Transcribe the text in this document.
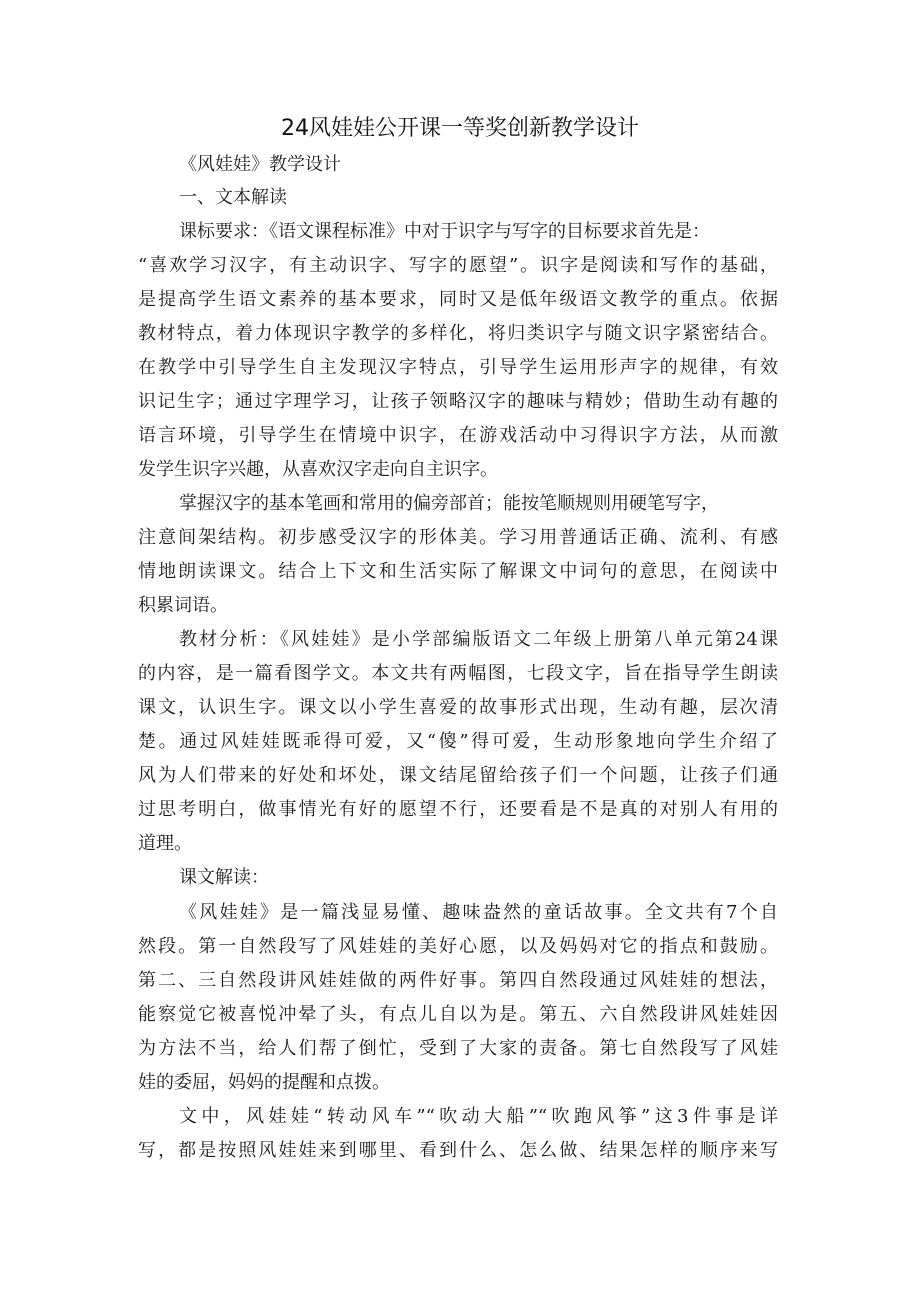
24风娃娃公开课一等奖创新教学设计

《风娃娃》教学设计

一、文本解读

课标要求：《语文课程标准》中对于识字与写字的目标要求首先是：

“喜欢学习汉字，有主动识字、写字的愿望”。识字是阅读和写作的基础，

是提高学生语文素养的基本要求，同时又是低年级语文教学的重点。依据

教材特点，着力体现识字教学的多样化，将归类识字与随文识字紧密结合。

在教学中引导学生自主发现汉字特点，引导学生运用形声字的规律，有效

识记生字；通过字理学习，让孩子领略汉字的趣味与精妙；借助生动有趣的

语言环境，引导学生在情境中识字，在游戏活动中习得识字方法，从而激

发学生识字兴趣，从喜欢汉字走向自主识字。

掌握汉字的基本笔画和常用的偏旁部首；能按笔顺规则用硬笔写字，

注意间架结构。初步感受汉字的形体美。学习用普通话正确、流利、有感

情地朗读课文。结合上下文和生活实际了解课文中词句的意思，在阅读中

积累词语。

教材分析：《风娃娃》是小学部编版语文二年级上册第八单元第24课

的内容，是一篇看图学文。本文共有两幅图，七段文字，旨在指导学生朗读

课文，认识生字。课文以小学生喜爱的故事形式出现，生动有趣，层次清

楚。通过风娃娃既乖得可爱，又“傻”得可爱，生动形象地向学生介绍了

风为人们带来的好处和坏处，课文结尾留给孩子们一个问题，让孩子们通

过思考明白，做事情光有好的愿望不行，还要看是不是真的对别人有用的

道理。

课文解读：

《风娃娃》是一篇浅显易懂、趣味盎然的童话故事。全文共有7个自

然段。第一自然段写了风娃娃的美好心愿，以及妈妈对它的指点和鼓励。

第二、三自然段讲风娃娃做的两件好事。第四自然段通过风娃娃的想法，

能察觉它被喜悦冲晕了头，有点儿自以为是。第五、六自然段讲风娃娃因

为方法不当，给人们帮了倒忙，受到了大家的责备。第七自然段写了风娃

娃的委屈，妈妈的提醒和点拨。

文中，风娃娃“转动风车”“吹动大船”“吹跑风筝”这3件事是详

写，都是按照风娃娃来到哪里、看到什么、怎么做、结果怎样的顺序来写
